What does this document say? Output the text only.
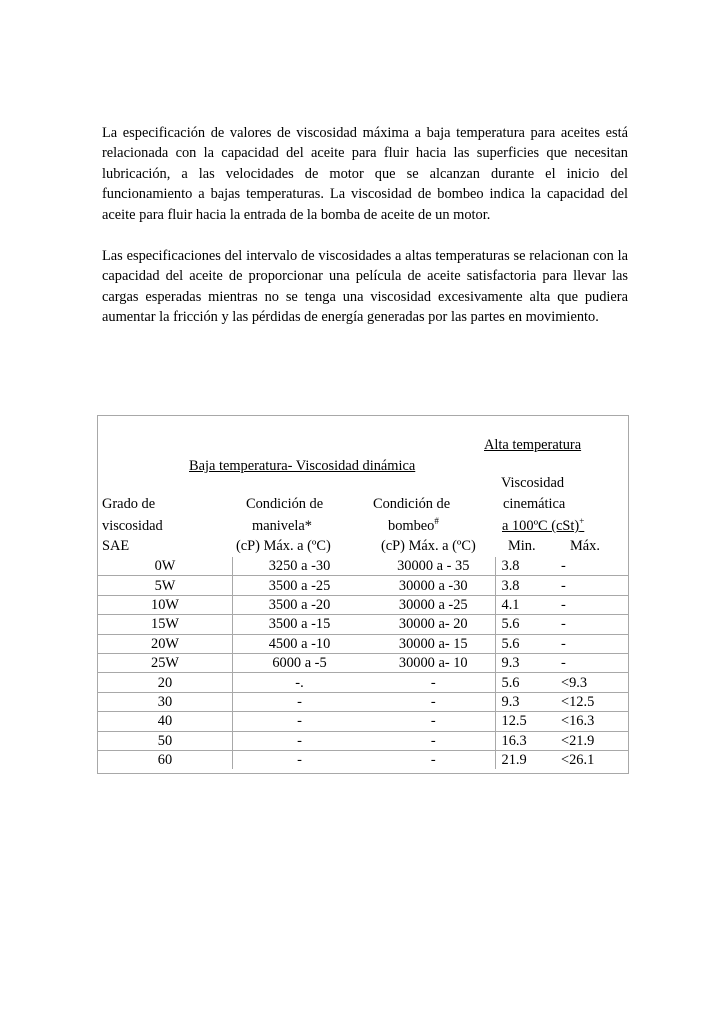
La especificación de valores de viscosidad máxima a baja temperatura para aceites está relacionada con la capacidad del aceite para fluir hacia las superficies que necesitan lubricación, a las velocidades de motor que se alcanzan durante el inicio del funcionamiento a bajas temperaturas. La viscosidad de bombeo indica la capacidad del aceite para fluir hacia la entrada de la bomba de aceite de un motor.

Las especificaciones del intervalo de viscosidades a altas temperaturas se relacionan con la capacidad del aceite de proporcionar una película de aceite satisfactoria para llevar las cargas esperadas mientras no se tenga una viscosidad excesivamente alta que pudiera aumentar la fricción y las pérdidas de energía generadas por las partes en movimiento.

Alta temperatura
Baja temperatura- Viscosidad dinámica
Grado de
viscosidad
SAE
Condición de
manivela*
(cP) Máx. a (ºC)
Condición de
bombeo#
(cP) Máx. a (ºC)
Viscosidad
cinemática
a 100ºC (cSt)+
Min. Máx.
0W	3250 a -30	30000 a - 35	3.8	-
5W	3500 a -25	30000 a -30	3.8	-
10W	3500 a -20	30000 a -25	4.1	-
15W	3500 a -15	30000 a- 20	5.6	-
20W	4500 a -10	30000 a- 15	5.6	-
25W	6000 a -5	30000 a- 10	9.3	-
20	-.	-	5.6	<9.3
30	-	-	9.3	<12.5
40	-	-	12.5	<16.3
50	-	-	16.3	<21.9
60	-	-	21.9	<26.1
